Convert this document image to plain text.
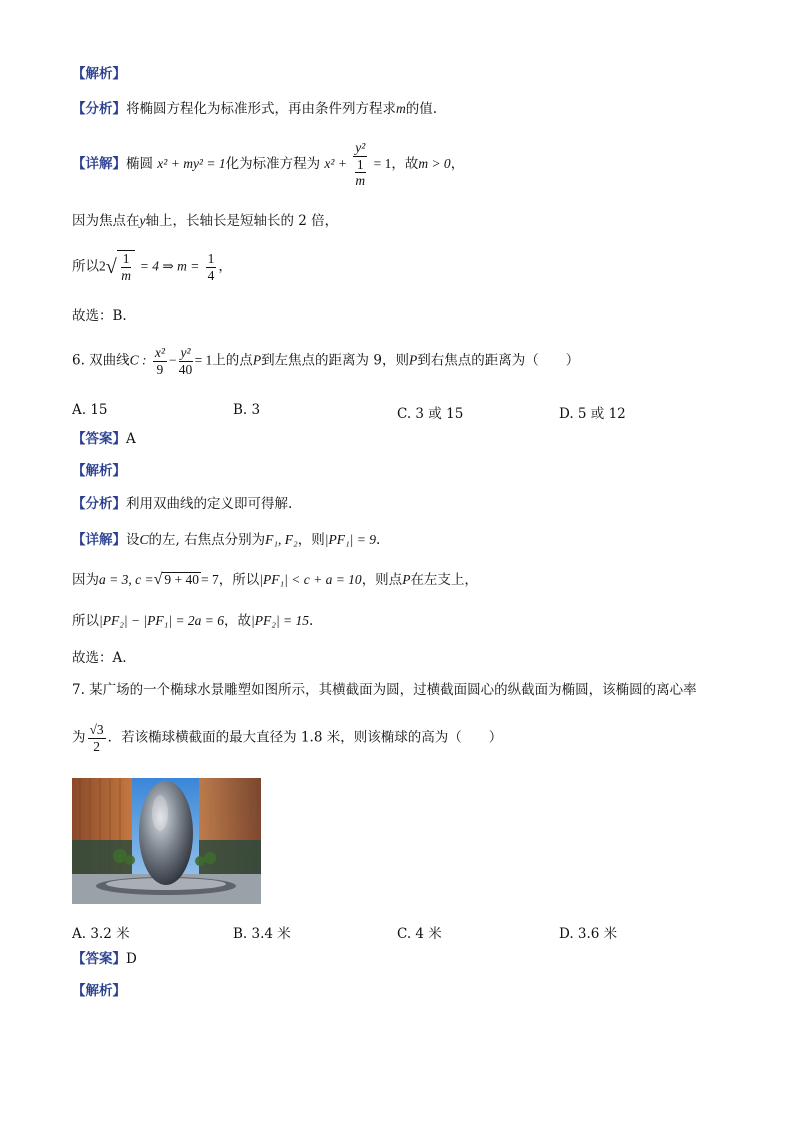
【解析】
【分析】将椭圆方程化为标准形式，再由条件列方程求m的值.
【详解】椭圆 x² + my² = 1化为标准方程为 $x^2 + \frac{\text{y²}}{\frac{1}{m}} = 1$，故m > 0，
因为焦点在y轴上，长轴长是短轴长的 2 倍，
所以$2√ \frac{1}{m} = 4$ ⇒ $m = \frac{1}{4}$ ，
故选：B.
6. 双曲线C : $\frac{\text{x²}}{9} - \frac{\text{y²}}{40} = 1$上的点P到左焦点的距离为 9，则P到右焦点的距离为（　　）
A. 15	B. 3	C. 3 或 15	D. 5 或 12
【答案】A
【解析】
【分析】利用双曲线的定义即可得解.
【详解】设C的左, 右焦点分别为F₁, F₂，则|PF₁| = 9.
因为a = 3, c =√ 9 + 40 = 7，所以|PF₁| < c + a = 10，则点P在左支上，
所以|PF₂| − |PF₁| = 2a = 6，故|PF₂| = 15.
故选：A.
7. 某广场的一个椭球水景雕塑如图所示，其横截面为圆，过横截面圆心的纵截面为椭圆，该椭圆的离心率
为 $\frac{√3}{2}$ ．若该椭球横截面的最大直径为 1.8 米，则该椭球的高为（　　）
A. 3.2 米	B. 3.4 米	C. 4 米	D. 3.6 米
【答案】D
【解析】
